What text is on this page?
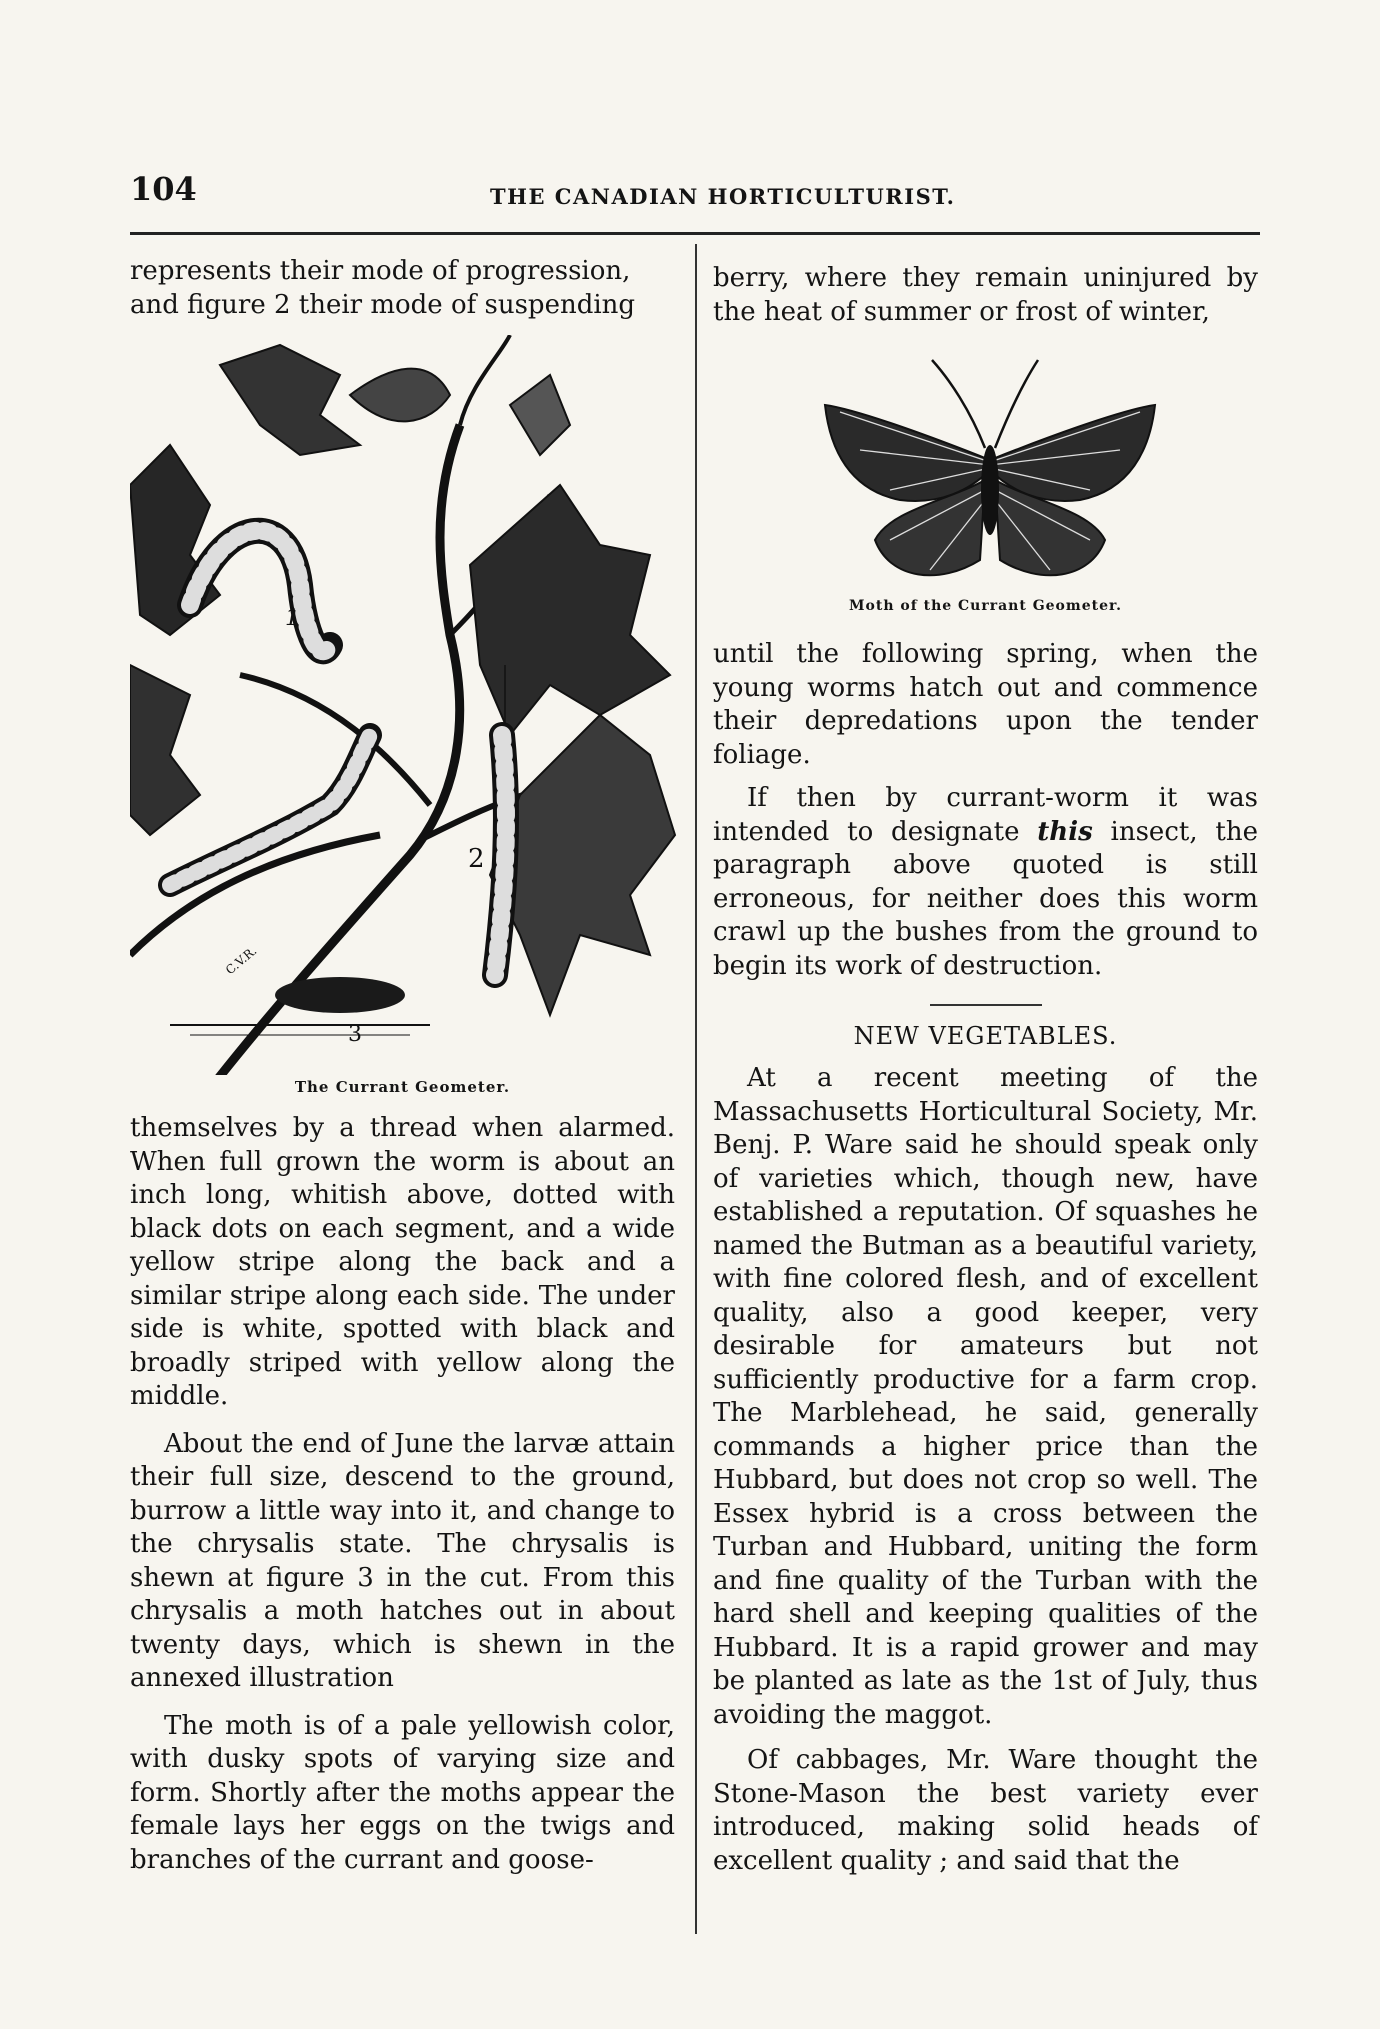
104	THE CANADIAN HORTICULTURIST.

represents their mode of progression,

and figure 2 their mode of suspending

1
2
3
C.V.R.
The Currant Geometer.

themselves by a thread when alarmed. When full grown the worm is about an inch long, whitish above, dotted with black dots on each segment, and a wide yellow stripe along the back and a similar stripe along each side. The under side is white, spotted with black and broadly striped with yellow along the middle.

About the end of June the larvæ attain their full size, descend to the ground, burrow a little way into it, and change to the chrysalis state. The chrysalis is shewn at figure 3 in the cut. From this chrysalis a moth hatches out in about twenty days, which is shewn in the annexed illustration

The moth is of a pale yellowish color, with dusky spots of varying size and form. Shortly after the moths appear the female lays her eggs on the twigs and branches of the currant and goose-

berry, where they remain uninjured by the heat of summer or frost of winter,

Moth of the Currant Geometer.

until the following spring, when the young worms hatch out and commence their depredations upon the tender foliage.

If then by currant-worm it was intended to designate this insect, the paragraph above quoted is still erroneous, for neither does this worm crawl up the bushes from the ground to begin its work of destruction.

NEW VEGETABLES.

At a recent meeting of the Massachusetts Horticultural Society, Mr. Benj. P. Ware said he should speak only of varieties which, though new, have established a reputation. Of squashes he named the Butman as a beautiful variety, with fine colored flesh, and of excellent quality, also a good keeper, very desirable for amateurs but not sufficiently productive for a farm crop. The Marblehead, he said, generally commands a higher price than the Hubbard, but does not crop so well. The Essex hybrid is a cross between the Turban and Hubbard, uniting the form and fine quality of the Turban with the hard shell and keeping qualities of the Hubbard. It is a rapid grower and may be planted as late as the 1st of July, thus avoiding the maggot.

Of cabbages, Mr. Ware thought the Stone-Mason the best variety ever introduced, making solid heads of excellent quality ; and said that the
